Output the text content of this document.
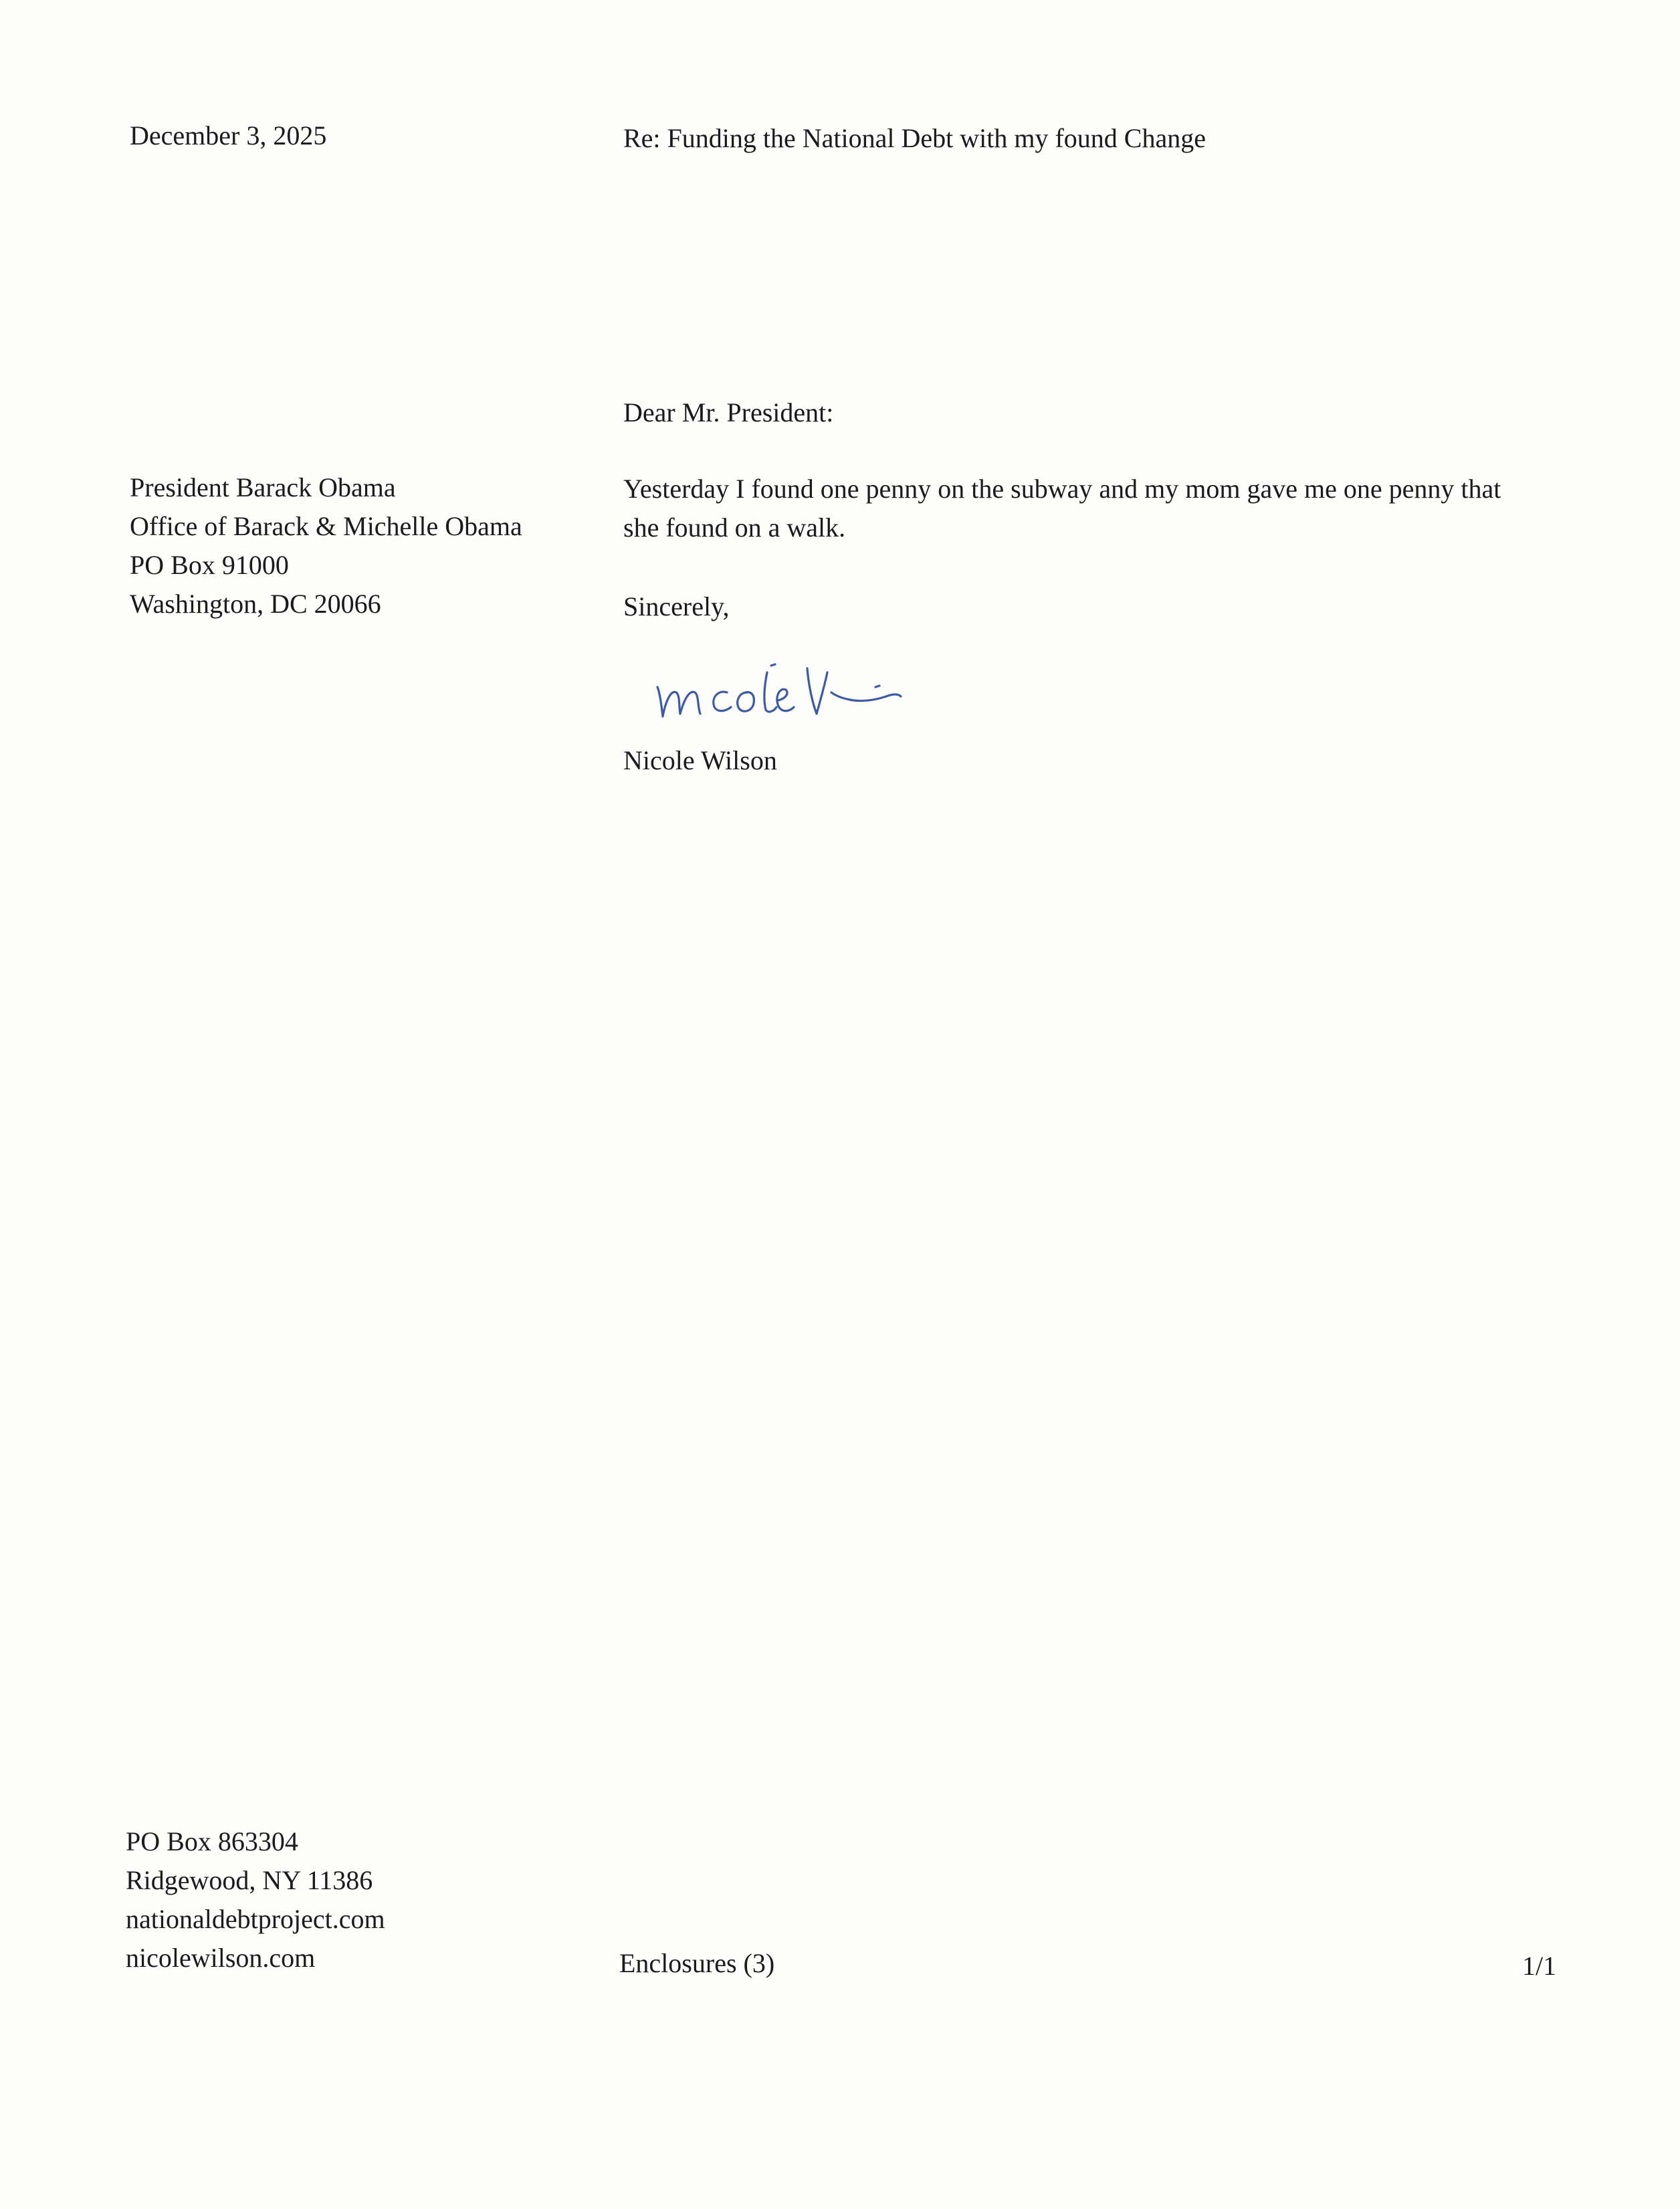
December 3, 2025	Re: Funding the National Debt with my found Change
Dear Mr. President:
President Barack Obama
Office of Barack & Michelle Obama
PO Box 91000
Washington, DC 20066
Yesterday I found one penny on the subway and my mom gave me one penny that
she found on a walk.
Sincerely,
Nicole Wilson
PO Box 863304
Ridgewood, NY 11386
nationaldebtproject.com
nicolewilson.com	Enclosures (3)	1/1
